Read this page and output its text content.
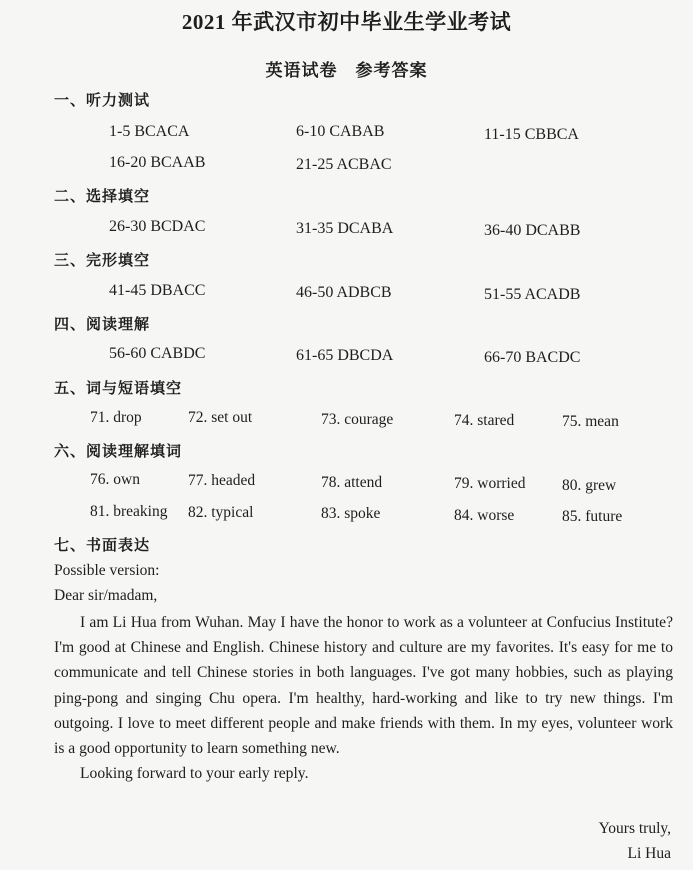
2021 年武汉市初中毕业生学业考试
英语试卷　参考答案
一、听力测试
1-5 BCACA	6-10 CABAB	11-15 CBBCA
16-20 BCAAB	21-25 ACBAC
二、选择填空
26-30 BCDAC	31-35 DCABA	36-40 DCABB
三、完形填空
41-45 DBACC	46-50 ADBCB	51-55 ACADB
四、阅读理解
56-60 CABDC	61-65 DBCDA	66-70 BACDC
五、词与短语填空
71. drop	72. set out	73. courage	74. stared	75. mean
六、阅读理解填词
76. own	77. headed	78. attend	79. worried 80. grew
81. breaking 82. typical	83. spoke	84. worse	85. future
七、书面表达
Possible version:
Dear sir/madam,

I am Li Hua from Wuhan. May I have the honor to work as a volunteer at Confucius Institute? I'm good at Chinese and English. Chinese history and culture are my favorites. It's easy for me to communicate and tell Chinese stories in both languages. I've got many hobbies, such as playing ping-pong and singing Chu opera. I'm healthy, hard-working and like to try new things. I'm outgoing. I love to meet different people and make friends with them. In my eyes, volunteer work is a good opportunity to learn something new.

Looking forward to your early reply.

Yours truly,
Li Hua
